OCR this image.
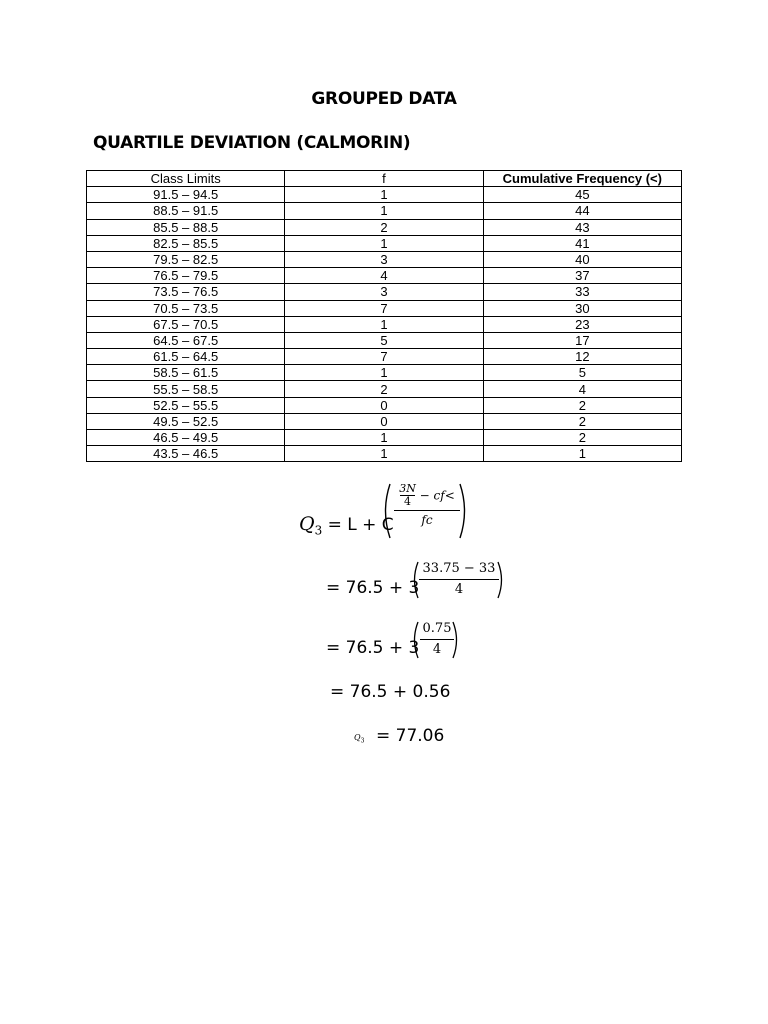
GROUPED DATA
QUARTILE DEVIATION (CALMORIN)
Class Limits	f	Cumulative Frequency (<)
91.5 – 94.5	1	45
88.5 – 91.5	1	44
85.5 – 88.5	2	43
82.5 – 85.5	1	41
79.5 – 82.5	3	40
76.5 – 79.5	4	37
73.5 – 76.5	3	33
70.5 – 73.5	7	30
67.5 – 70.5	1	23
64.5 – 67.5	5	17
61.5 – 64.5	7	12
58.5 – 61.5	1	5
55.5 – 58.5	2	4
52.5 – 55.5	0	2
49.5 – 52.5	0	2
46.5 – 49.5	1	2
43.5 – 46.5	1	1
$Q_3 = L + C$
$\frac{3N}{4} - cf<$
fc
= 76.5 + 3
33.75 − 33
4
= 76.5 + 3
0.75
4
= 76.5 + 0.56
$Q_3 = 77.06$
